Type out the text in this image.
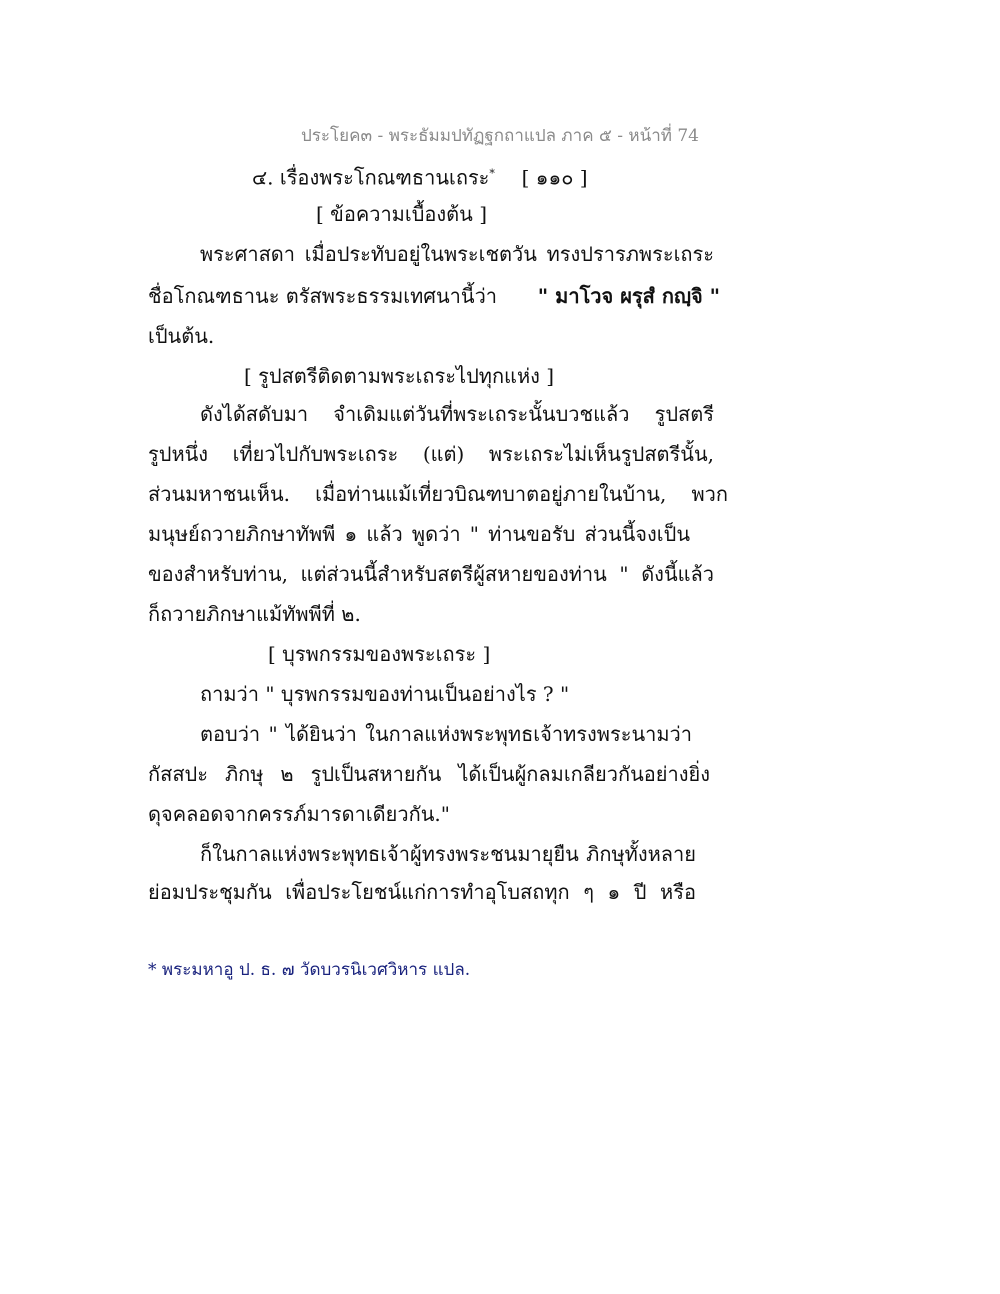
ประโยค๓ - พระธัมมปทัฏฐกถาแปล ภาค ๕ - หน้าที่ 74
๔. เรื่องพระโกณฑธานเถระ* [ ๑๑๐ ]
[ ข้อความเบื้องต้น ]
พระศาสดา เมื่อประทับอยู่ในพระเชตวัน ทรงปรารภพระเถระ
ชื่อโกณฑธานะ ตรัสพระธรรมเทศนานี้ว่า " มาโวจ ผรุสํ กญฺจิ "
เป็นต้น.
[ รูปสตรีติดตามพระเถระไปทุกแห่ง ]
ดังได้สดับมา จำเดิมแต่วันที่พระเถระนั้นบวชแล้ว รูปสตรี
รูปหนึ่ง เที่ยวไปกับพระเถระ (แต่) พระเถระไม่เห็นรูปสตรีนั้น,
ส่วนมหาชนเห็น. เมื่อท่านแม้เที่ยวบิณฑบาตอยู่ภายในบ้าน, พวก
มนุษย์ถวายภิกษาทัพพี ๑ แล้ว พูดว่า " ท่านขอรับ ส่วนนี้จงเป็น
ของสำหรับท่าน, แต่ส่วนนี้สำหรับสตรีผู้สหายของท่าน " ดังนี้แล้ว
ก็ถวายภิกษาแม้ทัพพีที่ ๒.
[ บุรพกรรมของพระเถระ ]
ถามว่า " บุรพกรรมของท่านเป็นอย่างไร ? "
ตอบว่า " ได้ยินว่า ในกาลแห่งพระพุทธเจ้าทรงพระนามว่า
กัสสปะ ภิกษุ ๒ รูปเป็นสหายกัน ได้เป็นผู้กลมเกลียวกันอย่างยิ่ง
ดุจคลอดจากครรภ์มารดาเดียวกัน."
ก็ในกาลแห่งพระพุทธเจ้าผู้ทรงพระชนมายุยืน ภิกษุทั้งหลาย
ย่อมประชุมกัน เพื่อประโยชน์แก่การทำอุโบสถทุก ๆ ๑ ปี หรือ
* พระมหาอู ป. ธ. ๗ วัดบวรนิเวศวิหาร แปล.
